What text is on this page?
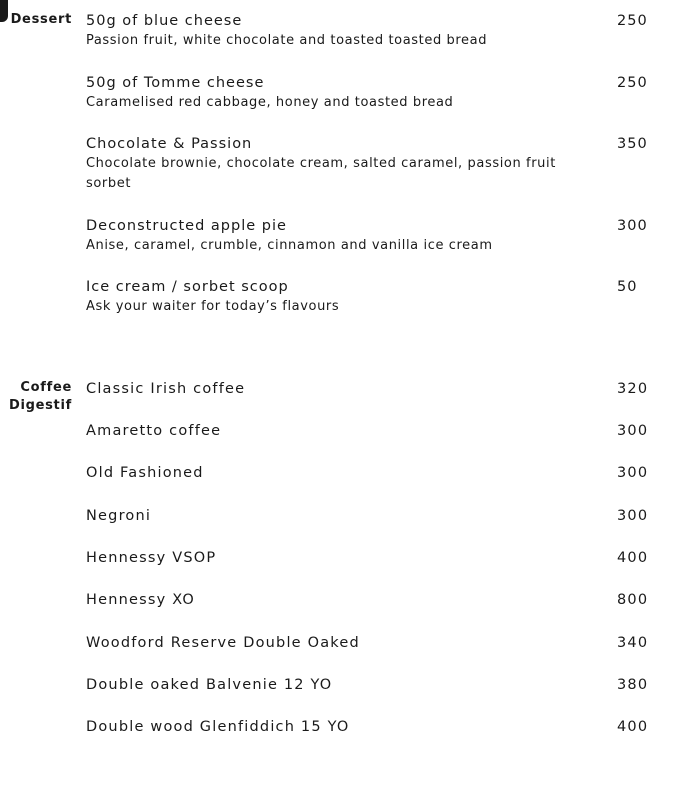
Dessert 50g of blue cheese
Passion fruit, white chocolate and toasted toasted bread
250
50g of Tomme cheese
Caramelised red cabbage, honey and toasted bread
250
Chocolate & Passion
Chocolate brownie, chocolate cream, salted caramel, passion fruit sorbet
350
Deconstructed apple pie
Anise, caramel, crumble, cinnamon and vanilla ice cream
300
Ice cream / sorbet scoop
Ask your waiter for today’s flavours
50
Coffee
Digestif
Classic Irish coffee	320
Amaretto coffee	300
Old Fashioned	300
Negroni	300
Hennessy VSOP	400
Hennessy XO	800
Woodford Reserve Double Oaked	340
Double oaked Balvenie 12 YO	380
Double wood Glenfiddich 15 YO	400
